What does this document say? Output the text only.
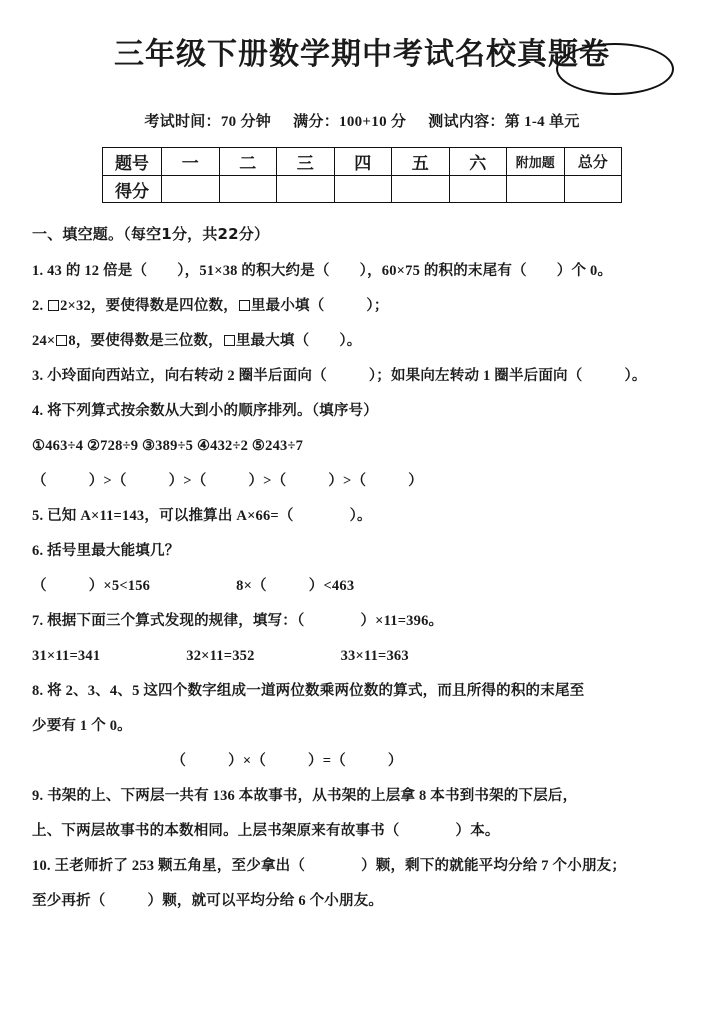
三年级下册数学期中考试名校真题卷
考试时间：70 分钟 满分：100+10 分 测试内容：第 1-4 单元
题号	一	二	三	四	五	六	附加题	总分
得分								
一、填空题。（每空1分，共22分）
1. 43 的 12 倍是（ ），51×38 的积大约是（ ），60×75 的积的末尾有（ ）个 0。
2. 2×32，要使得数是四位数， 里最小填（	）；
24× 8，要使得数是三位数， 里最大填（ ）。
3. 小玲面向西站立，向右转动 2 圈半后面向（	）；如果向左转动 1 圈半后面向（	）。
4. 将下列算式按余数从大到小的顺序排列。（填序号）
①463÷4 ②728÷9 ③389÷5 ④432÷2 ⑤243÷7
（	）>（	）>（	）>（	）>（	）
5. 已知 A×11=143，可以推算出 A×66=（	）。
6. 括号里最大能填几？
（	）×5<156	8×（	）<463
7. 根据下面三个算式发现的规律，填写：（	）×11=396。
31×11=341	32×11=352	33×11=363
8. 将 2、3、4、5 这四个数字组成一道两位数乘两位数的算式，而且所得的积的末尾至
少要有 1 个 0。
（	）×（	）=（	）
9. 书架的上、下两层一共有 136 本故事书，从书架的上层拿 8 本书到书架的下层后，
上、下两层故事书的本数相同。上层书架原来有故事书（	）本。
10. 王老师折了 253 颗五角星，至少拿出（	）颗，剩下的就能平均分给 7 个小朋友；
至少再折（	）颗，就可以平均分给 6 个小朋友。
